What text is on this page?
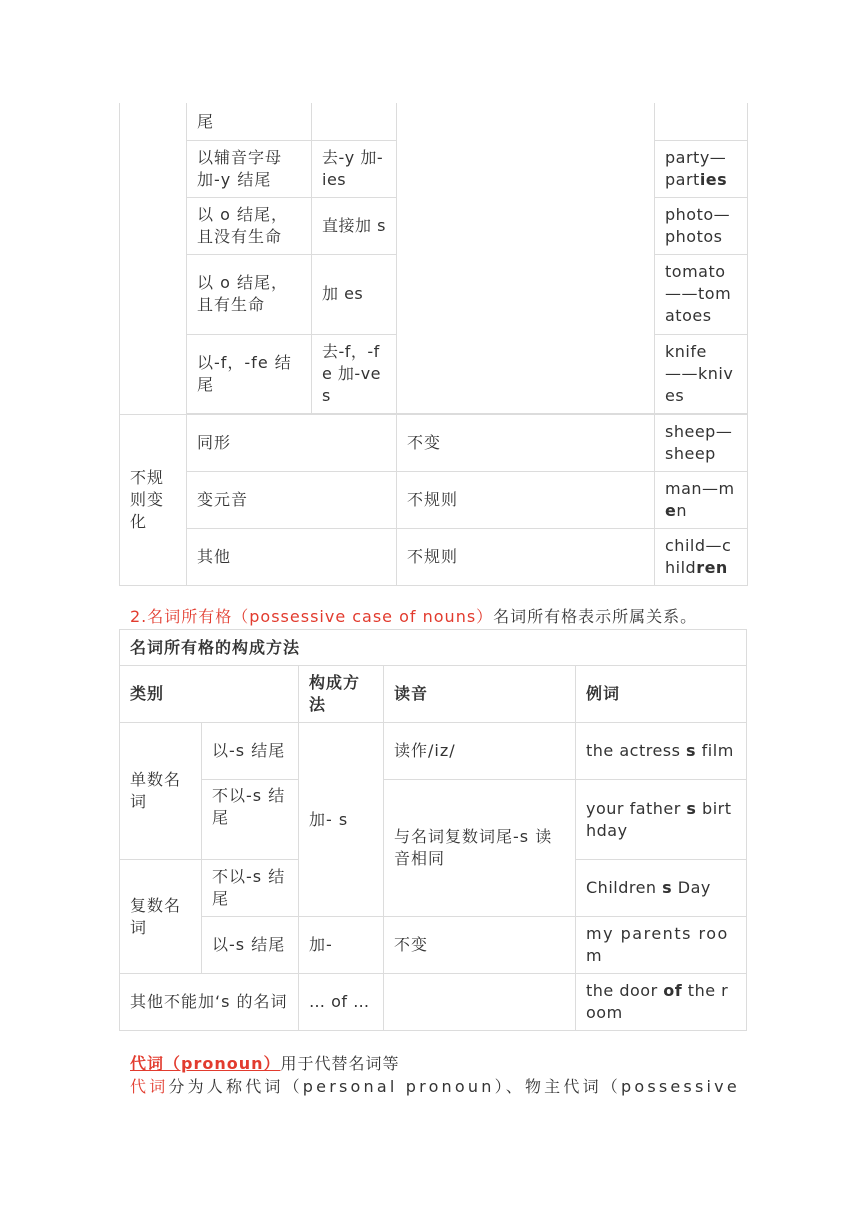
	尾			
	以辅音字母加-y 结尾	去-y 加-ies		party—
parties
	以 o 结尾，且没有生命	直接加 s		photo—photos
	以 o 结尾，且有生命	加 es		tomato——tomatoes
	以-f，-fe 结尾	去-f，-fe 加-ves		knife——knives

不规则变化	同形		不变	sheep—sheep
	变元音		不规则	man—m
en
	其他		不规则	child—c
hildren
2.名词所有格（possessive case of nouns）名词所有格表示所属关系。
名词所有格的构成方法				
类别		构成方法	读音	例词
单数名词	以-s 结尾	加- s	读作/iz/	the actress s film
	不以-s 结尾		与名词复数词尾-s 读音相同	your father s birthday
复数名词	不以-s 结尾			Children s Day
	以-s 结尾	加-	不变	my parents room
其他不能加‘s 的名词		… of …		the door of the room
代词（pronoun）用于代替名词等
代词分为人称代词（personal pronoun）、物主代词（possessive
